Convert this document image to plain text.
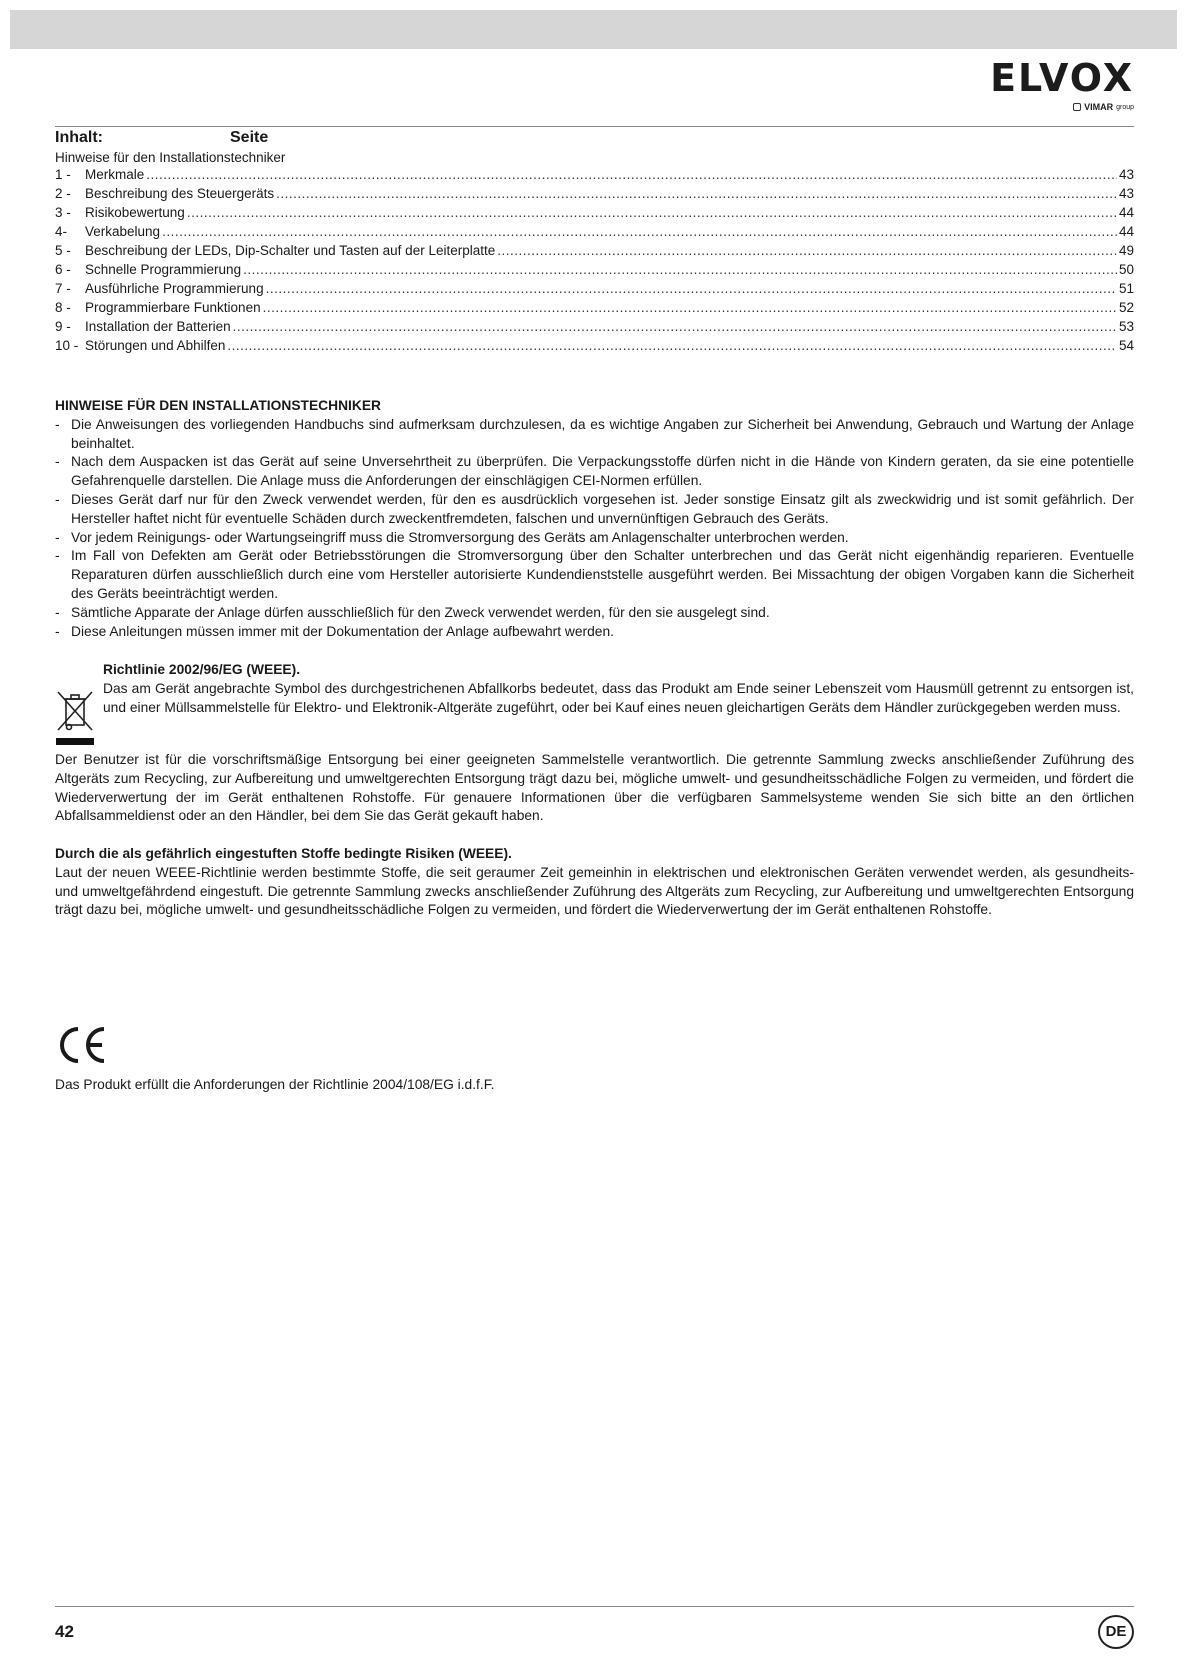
ELVOX
VIMAR group
Inhalt:	Seite
Hinweise für den Installationstechniker
1 -	Merkmale .....	43
2 -	Beschreibung des Steuergeräts .....	43
3 -	Risikobewertung .....	44
4-	Verkabelung .....	44
5 -	Beschreibung der LEDs, Dip-Schalter und Tasten auf der Leiterplatte .....	49
6 -	Schnelle Programmierung .....	50
7 -	Ausführliche Programmierung .....	51
8 -	Programmierbare Funktionen .....	52
9 -	Installation der Batterien .....	53
10 - Störungen und Abhilfen .....	54
HINWEISE FÜR DEN INSTALLATIONSTECHNIKER
- Die Anweisungen des vorliegenden Handbuchs sind aufmerksam durchzulesen, da es wichtige Angaben zur Sicherheit bei Anwendung, Gebrauch und Wartung der Anlage beinhaltet.
- Nach dem Auspacken ist das Gerät auf seine Unversehrtheit zu überprüfen. Die Verpackungsstoffe dürfen nicht in die Hände von Kindern geraten, da sie eine potentielle Gefahrenquelle darstellen. Die Anlage muss die Anforderungen der einschlägigen CEI-Normen erfüllen.
- Dieses Gerät darf nur für den Zweck verwendet werden, für den es ausdrücklich vorgesehen ist. Jeder sonstige Einsatz gilt als zweckwidrig und ist somit gefährlich. Der Hersteller haftet nicht für eventuelle Schäden durch zweckentfremdeten, falschen und unvernünftigen Gebrauch des Geräts.
- Vor jedem Reinigungs- oder Wartungseingriff muss die Stromversorgung des Geräts am Anlagenschalter unterbrochen werden.
- Im Fall von Defekten am Gerät oder Betriebsstörungen die Stromversorgung über den Schalter unterbrechen und das Gerät nicht eigenhändig reparieren. Eventuelle Reparaturen dürfen ausschließlich durch eine vom Hersteller autorisierte Kundendienststelle ausgeführt werden. Bei Missachtung der obigen Vorgaben kann die Sicherheit des Geräts beeinträchtigt werden.
- Sämtliche Apparate der Anlage dürfen ausschließlich für den Zweck verwendet werden, für den sie ausgelegt sind.
- Diese Anleitungen müssen immer mit der Dokumentation der Anlage aufbewahrt werden.
Richtlinie 2002/96/EG (WEEE).
Das am Gerät angebrachte Symbol des durchgestrichenen Abfallkorbs bedeutet, dass das Produkt am Ende seiner Lebenszeit vom Hausmüll getrennt zu entsorgen ist, und einer Müllsammelstelle für Elektro- und Elektronik-Altgeräte zugeführt, oder bei Kauf eines neuen gleichartigen Geräts dem Händler zurückgegeben werden muss.
Der Benutzer ist für die vorschriftsmäßige Entsorgung bei einer geeigneten Sammelstelle verantwortlich. Die getrennte Sammlung zwecks anschließender Zuführung des Altgeräts zum Recycling, zur Aufbereitung und umweltgerechten Entsorgung trägt dazu bei, mögliche umwelt- und gesundheitsschädliche Folgen zu vermeiden, und fördert die Wiederverwertung der im Gerät enthaltenen Rohstoffe. Für genauere Informationen über die verfügbaren Sammelsysteme wenden Sie sich bitte an den örtlichen Abfallsammeldienst oder an den Händler, bei dem Sie das Gerät gekauft haben.
Durch die als gefährlich eingestuften Stoffe bedingte Risiken (WEEE).
Laut der neuen WEEE-Richtlinie werden bestimmte Stoffe, die seit geraumer Zeit gemeinhin in elektrischen und elektronischen Geräten verwendet werden, als gesundheits- und umweltgefährdend eingestuft. Die getrennte Sammlung zwecks anschließender Zuführung des Altgeräts zum Recycling, zur Aufbereitung und umweltgerechten Entsorgung trägt dazu bei, mögliche umwelt- und gesundheitsschädliche Folgen zu vermeiden, und fördert die Wiederverwertung der im Gerät enthaltenen Rohstoffe.
Das Produkt erfüllt die Anforderungen der Richtlinie 2004/108/EG i.d.f.F.
42	DE
